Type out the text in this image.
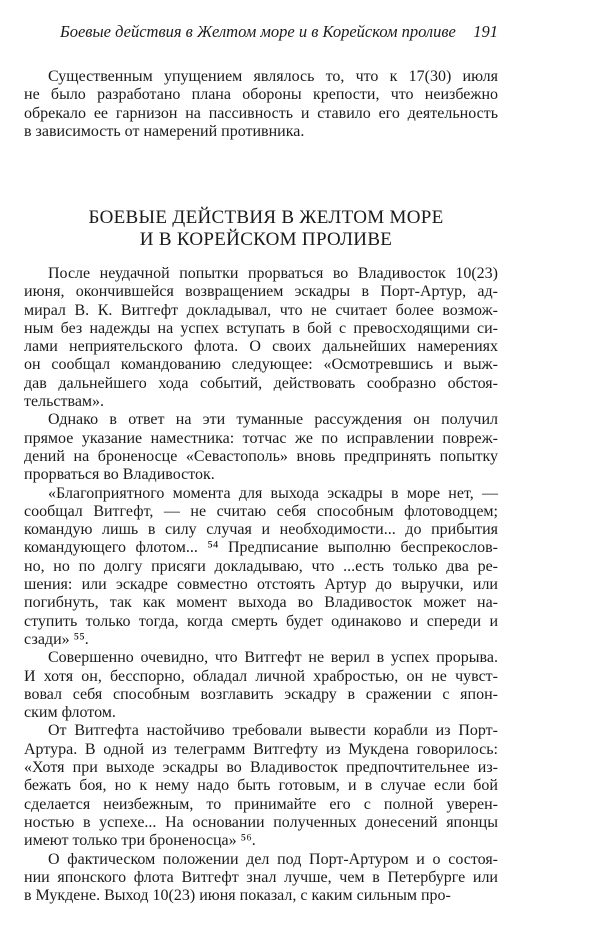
Боевые действия в Желтом море и в Корейском проливе 191
Существенным упущением являлось то, что к 17(30) июля
не было разработано плана обороны крепости, что неизбежно
обрекало ее гарнизон на пассивность и ставило его деятельность
в зависимость от намерений противника.
БОЕВЫЕ ДЕЙСТВИЯ В ЖЕЛТОМ МОРЕ
И В КОРЕЙСКОМ ПРОЛИВЕ
После неудачной попытки прорваться во Владивосток 10(23)
июня, окончившейся возвращением эскадры в Порт-Артур, ад-
мирал В. К. Витгефт докладывал, что не считает более возмож-
ным без надежды на успех вступать в бой с превосходящими си-
лами неприятельского флота. О своих дальнейших намерениях
он сообщал командованию следующее: «Осмотревшись и выж-
дав дальнейшего хода событий, действовать сообразно обстоя-
тельствам».
Однако в ответ на эти туманные рассуждения он получил
прямое указание наместника: тотчас же по исправлении повреж-
дений на броненосце «Севастополь» вновь предпринять попытку
прорваться во Владивосток.
«Благоприятного момента для выхода эскадры в море нет, —
сообщал Витгефт, — не считаю себя способным флотоводцем;
командую лишь в силу случая и необходимости... до прибытия
командующего флотом... ⁵⁴ Предписание выполню беспрекослов-
но, но по долгу присяги докладываю, что ...есть только два ре-
шения: или эскадре совместно отстоять Артур до выручки, или
погибнуть, так как момент выхода во Владивосток может на-
ступить только тогда, когда смерть будет одинаково и спереди и
сзади» ⁵⁵.
Совершенно очевидно, что Витгефт не верил в успех прорыва.
И хотя он, бесспорно, обладал личной храбростью, он не чувст-
вовал себя способным возглавить эскадру в сражении с япон-
ским флотом.
От Витгефта настойчиво требовали вывести корабли из Порт-
Артура. В одной из телеграмм Витгефту из Мукдена говорилось:
«Хотя при выходе эскадры во Владивосток предпочтительнее из-
бежать боя, но к нему надо быть готовым, и в случае если бой
сделается неизбежным, то принимайте его с полной уверен-
ностью в успехе... На основании полученных донесений японцы
имеют только три броненосца» ⁵⁶.
О фактическом положении дел под Порт-Артуром и о состоя-
нии японского флота Витгефт знал лучше, чем в Петербурге или
в Мукдене. Выход 10(23) июня показал, с каким сильным про-
